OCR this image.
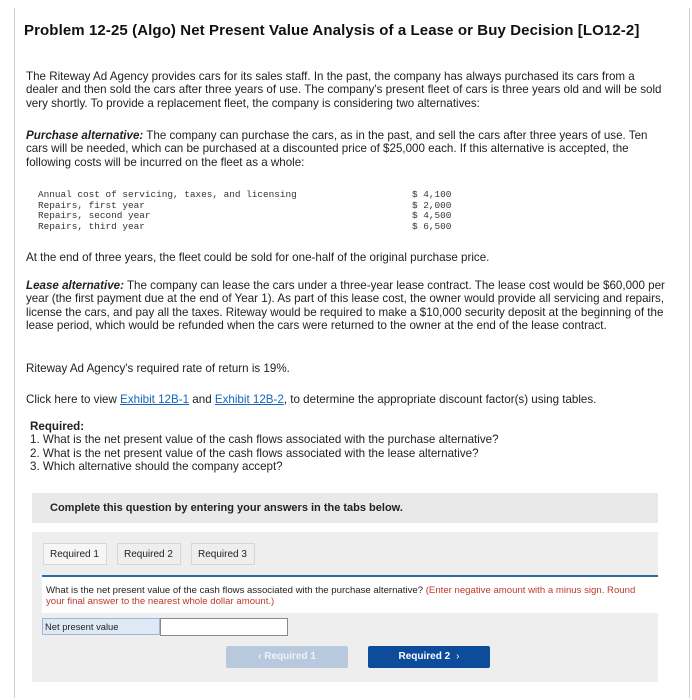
Problem 12-25 (Algo) Net Present Value Analysis of a Lease or Buy Decision [LO12-2]

The Riteway Ad Agency provides cars for its sales staff. In the past, the company has always purchased its cars from a dealer and then sold the cars after three years of use. The company's present fleet of cars is three years old and will be sold very shortly. To provide a replacement fleet, the company is considering two alternatives:

Purchase alternative: The company can purchase the cars, as in the past, and sell the cars after three years of use. Ten cars will be needed, which can be purchased at a discounted price of $25,000 each. If this alternative is accepted, the following costs will be incurred on the fleet as a whole:

Annual cost of servicing, taxes, and licensing	$ 4,100
Repairs, first year	$ 2,000
Repairs, second year	$ 4,500
Repairs, third year	$ 6,500

At the end of three years, the fleet could be sold for one-half of the original purchase price.

Lease alternative: The company can lease the cars under a three-year lease contract. The lease cost would be $60,000 per year (the first payment due at the end of Year 1). As part of this lease cost, the owner would provide all servicing and repairs, license the cars, and pay all the taxes. Riteway would be required to make a $10,000 security deposit at the beginning of the lease period, which would be refunded when the cars were returned to the owner at the end of the lease contract.

Riteway Ad Agency's required rate of return is 19%.

Click here to view Exhibit 12B-1 and Exhibit 12B-2, to determine the appropriate discount factor(s) using tables.

Required:
1. What is the net present value of the cash flows associated with the purchase alternative?
2. What is the net present value of the cash flows associated with the lease alternative?
3. Which alternative should the company accept?
Complete this question by entering your answers in the tabs below.
Required 1	Required 2	Required 3
What is the net present value of the cash flows associated with the purchase alternative? (Enter negative amount with a minus sign. Round your final answer to the nearest whole dollar amount.)
Net present value
‹ Required 1	Required 2 ›
